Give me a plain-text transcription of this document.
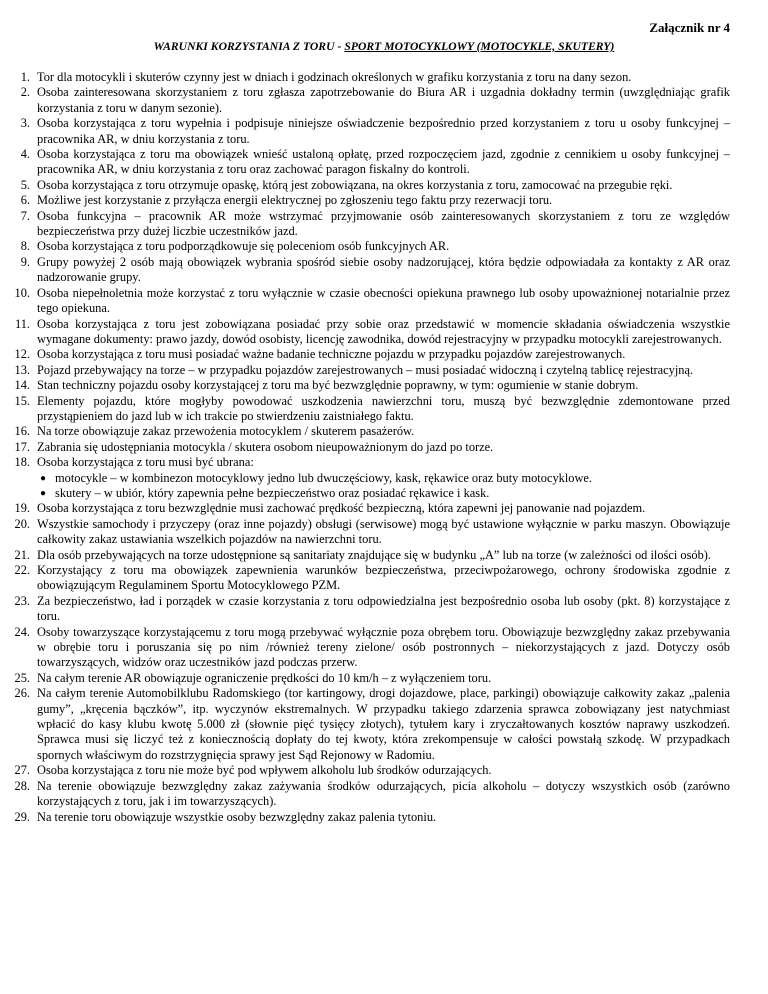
Załącznik nr 4
WARUNKI KORZYSTANIA Z TORU - SPORT MOTOCYKLOWY (MOTOCYKLE, SKUTERY)
1. Tor dla motocykli i skuterów czynny jest w dniach i godzinach określonych w grafiku korzystania z toru na dany sezon.
2. Osoba zainteresowana skorzystaniem z toru zgłasza zapotrzebowanie do Biura AR i uzgadnia dokładny termin (uwzględniając grafik korzystania z toru w danym sezonie).
3. Osoba korzystająca z toru wypełnia i podpisuje niniejsze oświadczenie bezpośrednio przed korzystaniem z toru u osoby funkcyjnej – pracownika AR, w dniu korzystania z toru.
4. Osoba korzystająca z toru ma obowiązek wnieść ustaloną opłatę, przed rozpoczęciem jazd, zgodnie z cennikiem u osoby funkcyjnej – pracownika AR, w dniu korzystania z toru oraz zachować paragon fiskalny do kontroli.
5. Osoba korzystająca z toru otrzymuje opaskę, którą jest zobowiązana, na okres korzystania z toru, zamocować na przegubie ręki.
6. Możliwe jest korzystanie z przyłącza energii elektrycznej po zgłoszeniu tego faktu przy rezerwacji toru.
7. Osoba funkcyjna – pracownik AR może wstrzymać przyjmowanie osób zainteresowanych skorzystaniem z toru ze względów bezpieczeństwa przy dużej liczbie uczestników jazd.
8. Osoba korzystająca z toru podporządkowuje się poleceniom osób funkcyjnych AR.
9. Grupy powyżej 2 osób mają obowiązek wybrania spośród siebie osoby nadzorującej, która będzie odpowiadała za kontakty z AR oraz nadzorowanie grupy.
10. Osoba niepełnoletnia może korzystać z toru wyłącznie w czasie obecności opiekuna prawnego lub osoby upoważnionej notarialnie przez tego opiekuna.
11. Osoba korzystająca z toru jest zobowiązana posiadać przy sobie oraz przedstawić w momencie składania oświadczenia wszystkie wymagane dokumenty: prawo jazdy, dowód osobisty, licencję zawodnika, dowód rejestracyjny w przypadku motocykli zarejestrowanych.
12. Osoba korzystająca z toru musi posiadać ważne badanie techniczne pojazdu w przypadku pojazdów zarejestrowanych.
13. Pojazd przebywający na torze – w przypadku pojazdów zarejestrowanych – musi posiadać widoczną i czytelną tablicę rejestracyjną.
14. Stan techniczny pojazdu osoby korzystającej z toru ma być bezwzględnie poprawny, w tym: ogumienie w stanie dobrym.
15. Elementy pojazdu, które mogłyby powodować uszkodzenia nawierzchni toru, muszą być bezwzględnie zdemontowane przed przystąpieniem do jazd lub w ich trakcie po stwierdzeniu zaistniałego faktu.
16. Na torze obowiązuje zakaz przewożenia motocyklem / skuterem pasażerów.
17. Zabrania się udostępniania motocykla / skutera osobom nieupoważnionym do jazd po torze.
18. Osoba korzystająca z toru musi być ubrana:
● motocykle – w kombinezon motocyklowy jedno lub dwuczęściowy, kask, rękawice oraz buty motocyklowe.
● skutery – w ubiór, który zapewnia pełne bezpieczeństwo oraz posiadać rękawice i kask.
19. Osoba korzystająca z toru bezwzględnie musi zachować prędkość bezpieczną, która zapewni jej panowanie nad pojazdem.
20. Wszystkie samochody i przyczepy (oraz inne pojazdy) obsługi (serwisowe) mogą być ustawione wyłącznie w parku maszyn. Obowiązuje całkowity zakaz ustawiania wszelkich pojazdów na nawierzchni toru.
21. Dla osób przebywających na torze udostępnione są sanitariaty znajdujące się w budynku „A” lub na torze (w zależności od ilości osób).
22. Korzystający z toru ma obowiązek zapewnienia warunków bezpieczeństwa, przeciwpożarowego, ochrony środowiska zgodnie z obowiązującym Regulaminem Sportu Motocyklowego PZM.
23. Za bezpieczeństwo, ład i porządek w czasie korzystania z toru odpowiedzialna jest bezpośrednio osoba lub osoby (pkt. 8) korzystające z toru.
24. Osoby towarzyszące korzystającemu z toru mogą przebywać wyłącznie poza obrębem toru. Obowiązuje bezwzględny zakaz przebywania w obrębie toru i poruszania się po nim /również tereny zielone/ osób postronnych – niekorzystających z jazd. Dotyczy osób towarzyszących, widzów oraz uczestników jazd podczas przerw.
25. Na całym terenie AR obowiązuje ograniczenie prędkości do 10 km/h – z wyłączeniem toru.
26. Na całym terenie Automobilklubu Radomskiego (tor kartingowy, drogi dojazdowe, place, parkingi) obowiązuje całkowity zakaz „palenia gumy”, „kręcenia bączków”, itp. wyczynów ekstremalnych. W przypadku takiego zdarzenia sprawca zobowiązany jest natychmiast wpłacić do kasy klubu kwotę 5.000 zł (słownie pięć tysięcy złotych), tytułem kary i zryczałtowanych kosztów naprawy uszkodzeń. Sprawca musi się liczyć też z koniecznością dopłaty do tej kwoty, która zrekompensuje w całości powstałą szkodę. W przypadkach spornych właściwym do rozstrzygnięcia sprawy jest Sąd Rejonowy w Radomiu.
27. Osoba korzystająca z toru nie może być pod wpływem alkoholu lub środków odurzających.
28. Na terenie obowiązuje bezwzględny zakaz zażywania środków odurzających, picia alkoholu – dotyczy wszystkich osób (zarówno korzystających z toru, jak i im towarzyszących).
29. Na terenie toru obowiązuje wszystkie osoby bezwzględny zakaz palenia tytoniu.
